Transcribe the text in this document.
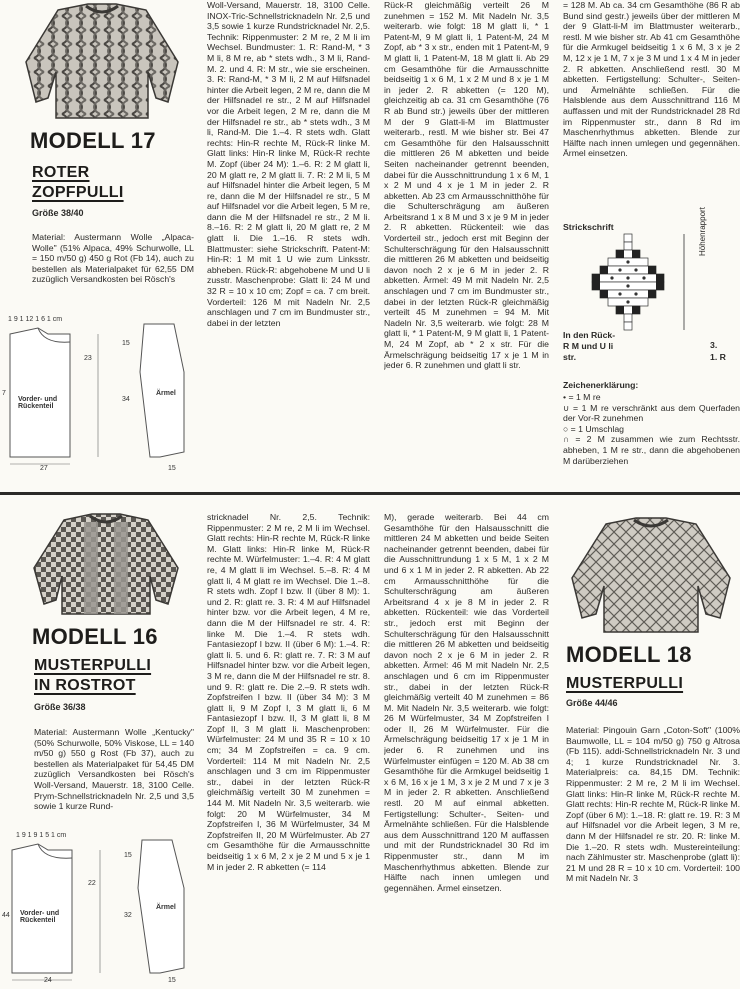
MODELL 17
ROTER
ZOPFPULLI
Größe 38/40

Material: Austermann Wolle „Alpaca-Wolle" (51% Alpaca, 49% Schurwolle, LL = 150 m/50 g) 450 g Rot (Fb 14), auch zu bestellen als Materialpaket für 62,55 DM zuzüglich Versandkosten bei Rösch's

1 9 1 12 1 6 1 cm
Vorder- und Rückenteil
Ärmel
27
23
15
34
7
15

Woll-Versand, Mauerstr. 18, 3100 Celle. INOX-Tric-Schnellstricknadeln Nr. 2,5 und 3,5 sowie 1 kurze Rundstricknadel Nr. 2,5. Technik: Rippenmuster: 2 M re, 2 M li im Wechsel. Bundmuster: 1. R: Rand-M, * 3 M li, 8 M re, ab * stets wdh., 3 M li, Rand-M. 2. und 4. R: M str., wie sie erscheinen. 3. R: Rand-M, * 3 M li, 2 M auf Hilfsnadel hinter die Arbeit legen, 2 M re, dann die M der Hilfsnadel re str., 2 M auf Hilfsnadel vor die Arbeit legen, 2 M re, dann die M der Hilfsnadel re str., ab * stets wdh., 3 M li, Rand-M. Die 1.–4. R stets wdh. Glatt rechts: Hin-R rechte M, Rück-R linke M. Glatt links: Hin-R linke M, Rück-R rechte M. Zopf (über 24 M): 1.–6. R: 2 M glatt li, 20 M glatt re, 2 M glatt li. 7. R: 2 M li, 5 M auf Hilfsnadel hinter die Arbeit legen, 5 M re, dann die M der Hilfsnadel re str., 5 M auf Hilfsnadel vor die Arbeit legen, 5 M re, dann die M der Hilfsnadel re str., 2 M li. 8.–16. R: 2 M glatt li, 20 M glatt re, 2 M glatt li. Die 1.–16. R stets wdh. Blattmuster: siehe Strickschrift. Patent-M: Hin-R: 1 M mit 1 U wie zum Linksstr. abheben. Rück-R: abgehobene M und U li zusstr. Maschenprobe: Glatt li: 24 M und 32 R = 10 x 10 cm; Zopf = ca. 7 cm breit. Vorderteil: 126 M mit Nadeln Nr. 2,5 anschlagen und 7 cm im Bundmuster str., dabei in der letzten

Rück-R gleichmäßig verteilt 26 M zunehmen = 152 M. Mit Nadeln Nr. 3,5 weiterarb. wie folgt: 18 M glatt li, * 1 Patent-M, 9 M glatt li, 1 Patent-M, 24 M Zopf, ab * 3 x str., enden mit 1 Patent-M, 9 M glatt li, 1 Patent-M, 18 M glatt li. Ab 29 cm Gesamthöhe für die Armausschnitte beidseitig 1 x 6 M, 1 x 2 M und 8 x je 1 M in jeder 2. R abketten (= 120 M), gleichzeitig ab ca. 31 cm Gesamthöhe (76 R ab Bund str.) jeweils über der mittleren M der 9 Glatt-li-M im Blattmuster weiterarb., restl. M wie bisher str. Bei 47 cm Gesamthöhe für den Halsausschnitt die mittleren 26 M abketten und beide Seiten nacheinander getrennt beenden, dabei für die Ausschnittrundung 1 x 6 M, 1 x 2 M und 4 x je 1 M in jeder 2. R abketten. Ab 23 cm Armausschnitthöhe für die Schulterschrägung am äußeren Arbeitsrand 1 x 8 M und 3 x je 9 M in jeder 2. R abketten. Rückenteil: wie das Vorderteil str., jedoch erst mit Beginn der Schulterschrägung für den Halsausschnitt die mittleren 26 M abketten und beidseitig davon noch 2 x je 6 M in jeder 2. R abketten. Ärmel: 49 M mit Nadeln Nr. 2,5 anschlagen und 7 cm im Bundmuster str., dabei in der letzten Rück-R gleichmäßig verteilt 45 M zunehmen = 94 M. Mit Nadeln Nr. 3,5 weiterarb. wie folgt: 28 M glatt li, * 1 Patent-M, 9 M glatt li, 1 Patent-M, 24 M Zopf, ab * 2 x str. Für die Ärmelschrägung beidseitig 17 x je 1 M in jeder 6. R zunehmen und glatt li str.

= 128 M. Ab ca. 34 cm Gesamthöhe (86 R ab Bund sind gestr.) jeweils über der mittleren M der 9 Glatt-li-M im Blattmuster weiterarb., restl. M wie bisher str. Ab 41 cm Gesamthöhe für die Armkugel beidseitig 1 x 6 M, 3 x je 2 M, 12 x je 1 M, 7 x je 3 M und 1 x 4 M in jeder 2. R abketten. Anschließend restl. 30 M abketten. Fertigstellung: Schulter-, Seiten- und Ärmelnähte schließen. Für die Halsblende aus dem Ausschnittrand 116 M auffassen und mit der Rundstricknadel 28 Rd im Rippenmuster str., dann 8 Rd im Maschenrhythmus abketten. Blende zur Hälfte nach innen umlegen und gegennähen. Ärmel einsetzen.

Strickschrift	Höhenrapport
In den Rück-R M und U li str.
3.
1. R
Zeichenerklärung:

• = 1 M re

∪ = 1 M re verschränkt aus dem Querfaden der Vor-R zunehmen

○ = 1 Umschlag

∩ = 2 M zusammen wie zum Rechtsstr. abheben, 1 M re str., dann die abgehobenen M darüberziehen

MODELL 16
MUSTERPULLI
IN ROSTROT
Größe 36/38

Material: Austermann Wolle „Kentucky" (50% Schurwolle, 50% Viskose, LL = 140 m/50 g) 550 g Rost (Fb 37), auch zu bestellen als Materialpaket für 54,45 DM zuzüglich Versandkosten bei Rösch's Woll-Versand, Mauerstr. 18, 3100 Celle. Prym-Schnellstricknadeln Nr. 2,5 und 3,5 sowie 1 kurze Rund-

1 9 1 9 1 5 1 cm
Vorder- und Rückenteil
Ärmel
24
22
15
32
44
15

stricknadel Nr. 2,5. Technik: Rippenmuster: 2 M re, 2 M li im Wechsel. Glatt rechts: Hin-R rechte M, Rück-R linke M. Glatt links: Hin-R linke M, Rück-R rechte M. Würfelmuster: 1.–4. R: 4 M glatt re, 4 M glatt li im Wechsel. 5.–8. R: 4 M glatt li, 4 M glatt re im Wechsel. Die 1.–8. R stets wdh. Zopf I bzw. II (über 8 M): 1. und 2. R: glatt re. 3. R: 4 M auf Hilfsnadel hinter bzw. vor die Arbeit legen, 4 M re, dann die M der Hilfsnadel re str. 4. R: linke M. Die 1.–4. R stets wdh. Fantasiezopf I bzw. II (über 6 M): 1.–4. R: glatt li. 5. und 6. R: glatt re. 7. R: 3 M auf Hilfsnadel hinter bzw. vor die Arbeit legen, 3 M re, dann die M der Hilfsnadel re str. 8. und 9. R: glatt re. Die 2.–9. R stets wdh. Zopfstreifen I bzw. II (über 34 M): 3 M glatt li, 9 M Zopf I, 3 M glatt li, 6 M Fantasiezopf I bzw. II, 3 M glatt li, 8 M Zopf II, 3 M glatt li. Maschenproben: Würfelmuster: 24 M und 35 R = 10 x 10 cm; 34 M Zopfstreifen = ca. 9 cm. Vorderteil: 114 M mit Nadeln Nr. 2,5 anschlagen und 3 cm im Rippenmuster str., dabei in der letzten Rück-R gleichmäßig verteilt 30 M zunehmen = 144 M. Mit Nadeln Nr. 3,5 weiterarb. wie folgt: 20 M Würfelmuster, 34 M Zopfstreifen I, 36 M Würfelmuster, 34 M Zopfstreifen II, 20 M Würfelmuster. Ab 27 cm Gesamthöhe für die Armausschnitte beidseitig 1 x 6 M, 2 x je 2 M und 5 x je 1 M in jeder 2. R abketten (= 114

M), gerade weiterarb. Bei 44 cm Gesamthöhe für den Halsausschnitt die mittleren 24 M abketten und beide Seiten nacheinander getrennt beenden, dabei für die Ausschnittrundung 1 x 5 M, 1 x 2 M und 6 x 1 M in jeder 2. R abketten. Ab 22 cm Armausschnitthöhe für die Schulterschrägung am äußeren Arbeitsrand 4 x je 8 M in jeder 2. R abketten. Rückenteil: wie das Vorderteil str., jedoch erst mit Beginn der Schulterschrägung für den Halsausschnitt die mittleren 26 M abketten und beidseitig davon noch 2 x je 6 M in jeder 2. R abketten. Ärmel: 46 M mit Nadeln Nr. 2,5 anschlagen und 6 cm im Rippenmuster str., dabei in der letzten Rück-R gleichmäßig verteilt 40 M zunehmen = 86 M. Mit Nadeln Nr. 3,5 weiterarb. wie folgt: 26 M Würfelmuster, 34 M Zopfstreifen I oder II, 26 M Würfelmuster. Für die Ärmelschrägung beidseitig 17 x je 1 M in jeder 6. R zunehmen und ins Würfelmuster einfügen = 120 M. Ab 38 cm Gesamthöhe für die Armkugel beidseitig 1 x 6 M, 16 x je 1 M, 3 x je 2 M und 7 x je 3 M in jeder 2. R abketten. Anschließend restl. 20 M auf einmal abketten. Fertigstellung: Schulter-, Seiten- und Ärmelnähte schließen. Für die Halsblende aus dem Ausschnittrand 120 M auffassen und mit der Rundstricknadel 30 Rd im Rippenmuster str., dann M im Maschenrhythmus abketten. Blende zur Hälfte nach innen umlegen und gegennähen. Ärmel einsetzen.

MODELL 18
MUSTERPULLI
Größe 44/46

Material: Pingouin Garn „Coton-Soft" (100% Baumwolle, LL = 104 m/50 g) 750 g Altrosa (Fb 115). addi-Schnellstricknadeln Nr. 3 und 4; 1 kurze Rundstricknadel Nr. 3. Materialpreis: ca. 84,15 DM. Technik: Rippenmuster: 2 M re, 2 M li im Wechsel. Glatt links: Hin-R linke M, Rück-R rechte M. Glatt rechts: Hin-R rechte M, Rück-R linke M. Zopf (über 6 M): 1.–18. R: glatt re. 19. R: 3 M auf Hilfsnadel vor die Arbeit legen, 3 M re, dann M der Hilfsnadel re str. 20. R: linke M. Die 1.–20. R stets wdh. Mustereinteilung: nach Zählmuster str. Maschenprobe (glatt li): 21 M und 28 R = 10 x 10 cm. Vorderteil: 100 M mit Nadeln Nr. 3
